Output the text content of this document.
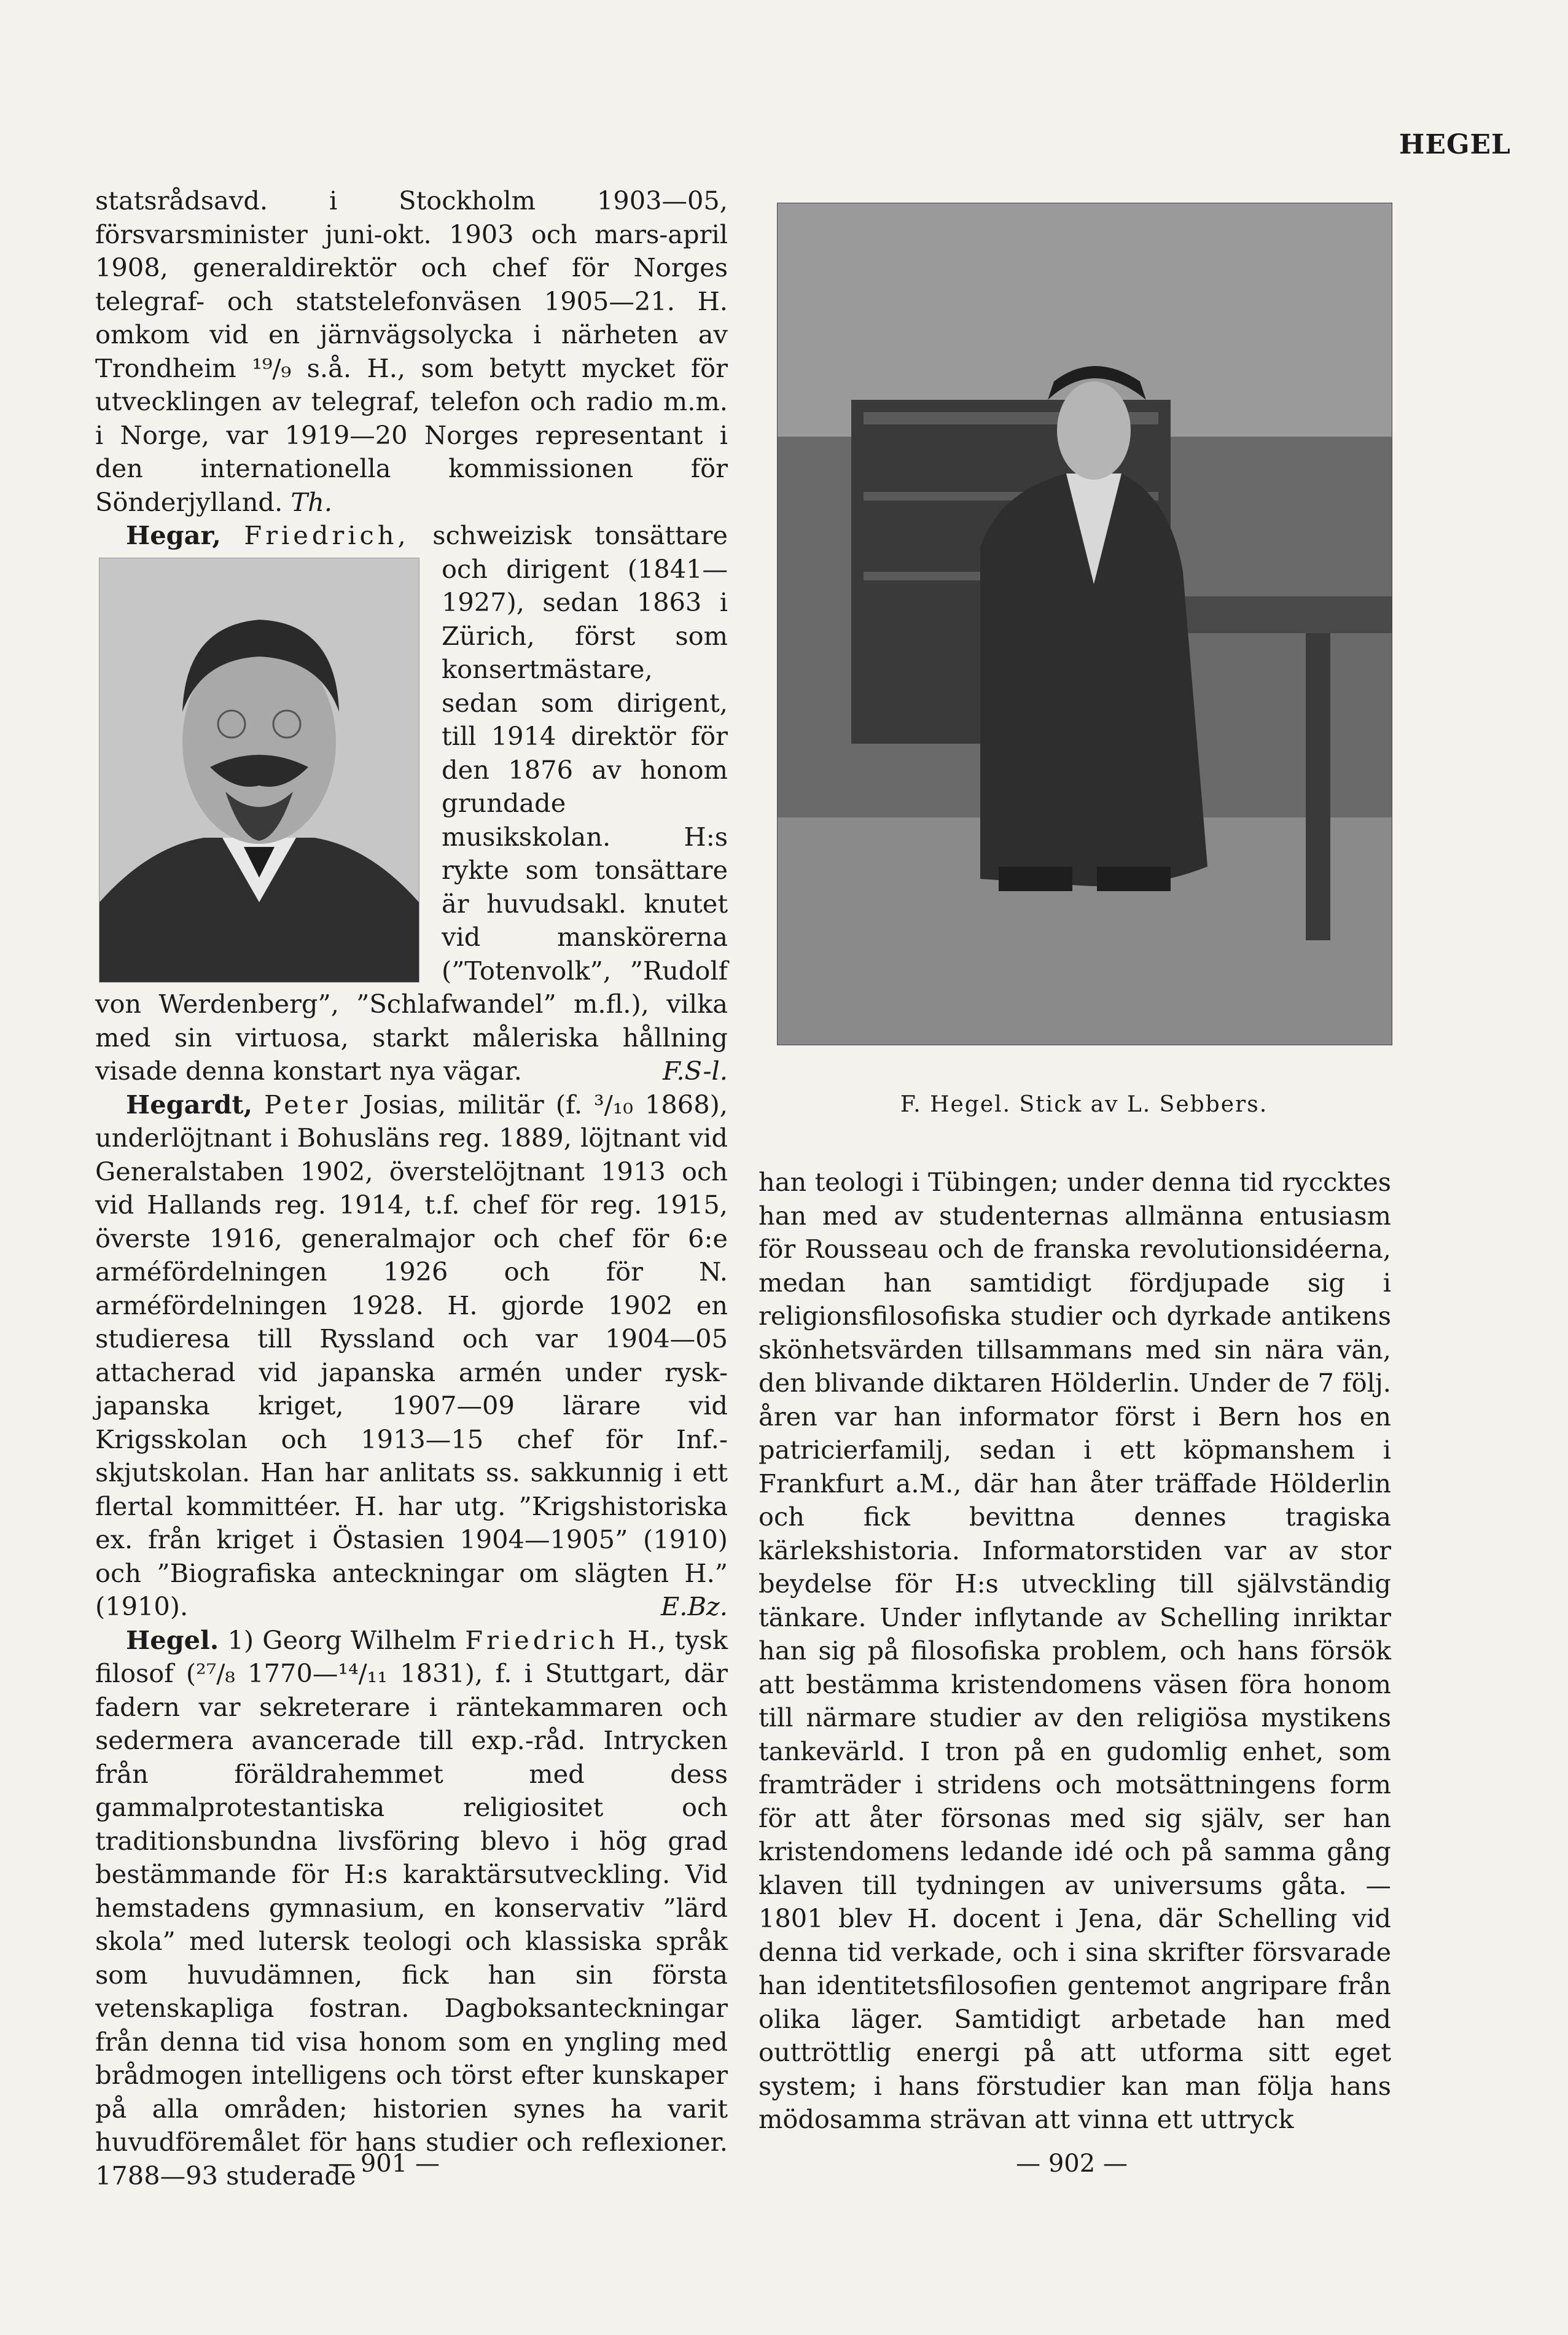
HEGEL

statsrådsavd. i Stockholm 1903—05, försvarsminister juni-okt. 1903 och mars-april 1908, generaldirektör och chef för Norges telegraf- och statstelefonväsen 1905—21. H. omkom vid en järnvägsolycka i närheten av Trondheim ¹⁹/₉ s.å. H., som betytt mycket för utvecklingen av telegraf, telefon och radio m.m. i Norge, var 1919—20 Norges representant i den internationella kommissionen för Sönderjylland. Th.

Hegar, Friedrich, schweizisk tonsättare och dirigent (1841—1927), sedan 1863 i Zürich, först som konsertmästare, sedan som dirigent, till 1914 direktör för den 1876 av honom grundade musikskolan. H:s rykte som tonsättare är huvudsakl. knutet vid manskörerna (”Totenvolk”, ”Rudolf von Werdenberg”, ”Schlafwandel” m.fl.), vilka med sin virtuosa, starkt måleriska hållning visade denna konstart nya vägar.	F.S-l.

Hegardt, Peter Josias, militär (f. ³/₁₀ 1868), underlöjtnant i Bohusläns reg. 1889, löjtnant vid Generalstaben 1902, överstelöjtnant 1913 och vid Hallands reg. 1914, t.f. chef för reg. 1915, överste 1916, generalmajor och chef för 6:e arméfördelningen 1926 och för N. arméfördelningen 1928. H. gjorde 1902 en studieresa till Ryssland och var 1904—05 attacherad vid japanska armén under rysk-japanska kriget, 1907—09 lärare vid Krigsskolan och 1913—15 chef för Inf.-skjutskolan. Han har anlitats ss. sakkunnig i ett flertal kommittéer. H. har utg. ”Krigshistoriska ex. från kriget i Östasien 1904—1905” (1910) och ”Biografiska anteckningar om slägten H.” (1910).	E.Bz.

Hegel. 1) Georg Wilhelm Friedrich H., tysk filosof (²⁷/₈ 1770—¹⁴/₁₁ 1831), f. i Stuttgart, där fadern var sekreterare i räntekammaren och sedermera avancerade till exp.-råd. Intrycken från föräldrahemmet med dess gammalprotestantiska religiositet och traditionsbundna livsföring blevo i hög grad bestämmande för H:s karaktärsutveckling. Vid hemstadens gymnasium, en konservativ ”lärd skola” med lutersk teologi och klassiska språk som huvudämnen, fick han sin första vetenskapliga fostran. Dagboksanteckningar från denna tid visa honom som en yngling med brådmogen intelligens och törst efter kunskaper på alla områden; historien synes ha varit huvudföremålet för hans studier och reflexioner. 1788—93 studerade

F. Hegel. Stick av L. Sebbers.

han teologi i Tübingen; under denna tid ryccktes han med av studenternas allmänna entusiasm för Rousseau och de franska revolutionsidéerna, medan han samtidigt fördjupade sig i religionsfilosofiska studier och dyrkade antikens skönhetsvärden tillsammans med sin nära vän, den blivande diktaren Hölderlin. Under de 7 följ. åren var han informator först i Bern hos en patricierfamilj, sedan i ett köpmanshem i Frankfurt a.M., där han åter träffade Hölderlin och fick bevittna dennes tragiska kärlekshistoria. Informatorstiden var av stor beydelse för H:s utveckling till självständig tänkare. Under inflytande av Schelling inriktar han sig på filosofiska problem, och hans försök att bestämma kristendomens väsen föra honom till närmare studier av den religiösa mystikens tankevärld. I tron på en gudomlig enhet, som framträder i stridens och motsättningens form för att åter försonas med sig själv, ser han kristendomens ledande idé och på samma gång klaven till tydningen av universums gåta. — 1801 blev H. docent i Jena, där Schelling vid denna tid verkade, och i sina skrifter försvarade han identitetsfilosofien gentemot angripare från olika läger. Samtidigt arbetade han med outtröttlig energi på att utforma sitt eget system; i hans förstudier kan man följa hans mödosamma strävan att vinna ett uttryck

— 901 —	— 902 —
